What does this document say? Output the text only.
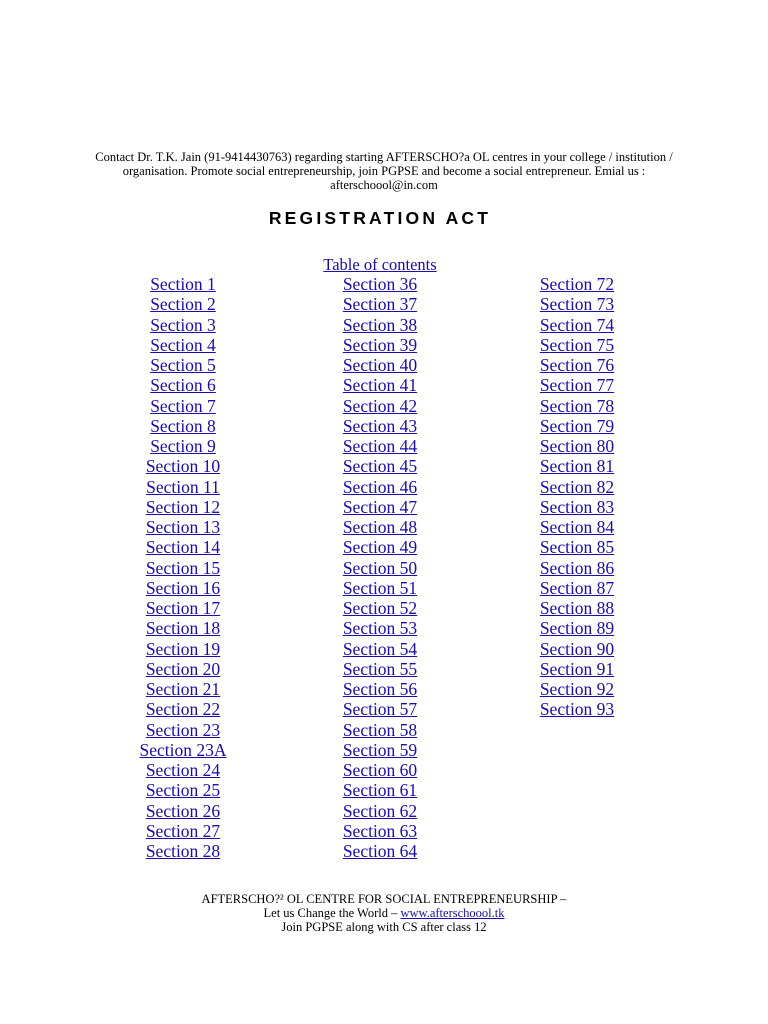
Contact Dr. T.K. Jain (91-9414430763) regarding starting AFTERSCHO?a OL centres in your college / institution /
organisation. Promote social entrepreneurship, join PGPSE and become a social entrepreneur. Emial us :
afterschoool@in.com
REGISTRATION ACT
Table of contents
Section 1
Section 2
Section 3
Section 4
Section 5
Section 6
Section 7
Section 8
Section 9
Section 10
Section 11
Section 12
Section 13
Section 14
Section 15
Section 16
Section 17
Section 18
Section 19
Section 20
Section 21
Section 22
Section 23
Section 23A
Section 24
Section 25
Section 26
Section 27
Section 28
Section 36
Section 37
Section 38
Section 39
Section 40
Section 41
Section 42
Section 43
Section 44
Section 45
Section 46
Section 47
Section 48
Section 49
Section 50
Section 51
Section 52
Section 53
Section 54
Section 55
Section 56
Section 57
Section 58
Section 59
Section 60
Section 61
Section 62
Section 63
Section 64
Section 72
Section 73
Section 74
Section 75
Section 76
Section 77
Section 78
Section 79
Section 80
Section 81
Section 82
Section 83
Section 84
Section 85
Section 86
Section 87
Section 88
Section 89
Section 90
Section 91
Section 92
Section 93
AFTERSCHO?² OL CENTRE FOR SOCIAL ENTREPRENEURSHIP –
Let us Change the World – www.afterschoool.tk
Join PGPSE along with CS after class 12
